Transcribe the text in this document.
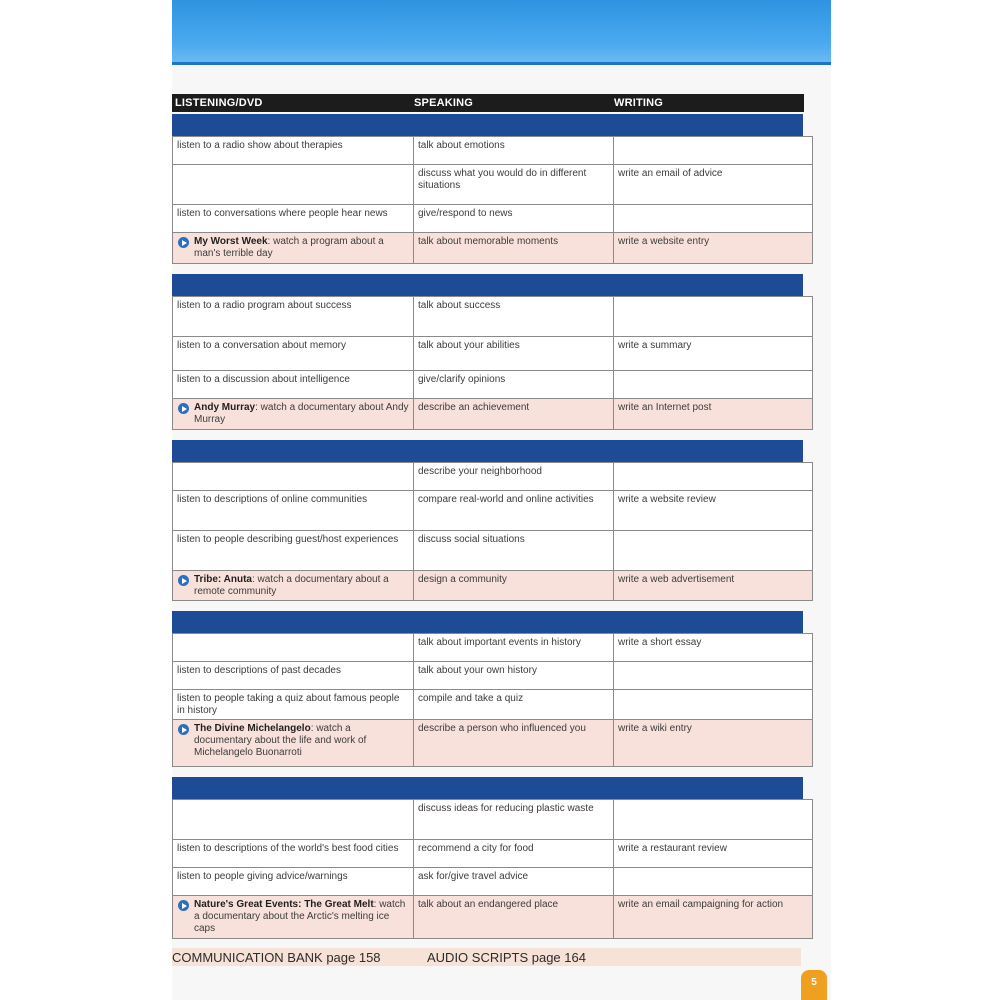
LISTENING/DVD	SPEAKING	WRITING
listen to a radio show about therapies	talk about emotions	
	discuss what you would do in different situations	write an email of advice
listen to conversations where people hear news	give/respond to news	

My Worst Week: watch a program about a man's terrible day	talk about memorable moments	write a website entry
listen to a radio program about success	talk about success	
listen to a conversation about memory	talk about your abilities	write a summary
listen to a discussion about intelligence	give/clarify opinions	

Andy Murray: watch a documentary about Andy Murray	describe an achievement	write an Internet post
	describe your neighborhood	
listen to descriptions of online communities	compare real-world and online activities	write a website review
listen to people describing guest/host experiences	discuss social situations	

Tribe: Anuta: watch a documentary about a remote community	design a community	write a web advertisement
	talk about important events in history	write a short essay
listen to descriptions of past decades	talk about your own history	
listen to people taking a quiz about famous people in history	compile and take a quiz	

The Divine Michelangelo: watch a documentary about the life and work of Michelangelo Buonarroti	describe a person who influenced you	write a wiki entry
	discuss ideas for reducing plastic waste	
listen to descriptions of the world's best food cities	recommend a city for food	write a restaurant review
listen to people giving advice/warnings	ask for/give travel advice	

Nature's Great Events: The Great Melt: watch a documentary about the Arctic's melting ice caps	talk about an endangered place	write an email campaigning for action
COMMUNICATION BANK page 158	AUDIO SCRIPTS page 164
5
